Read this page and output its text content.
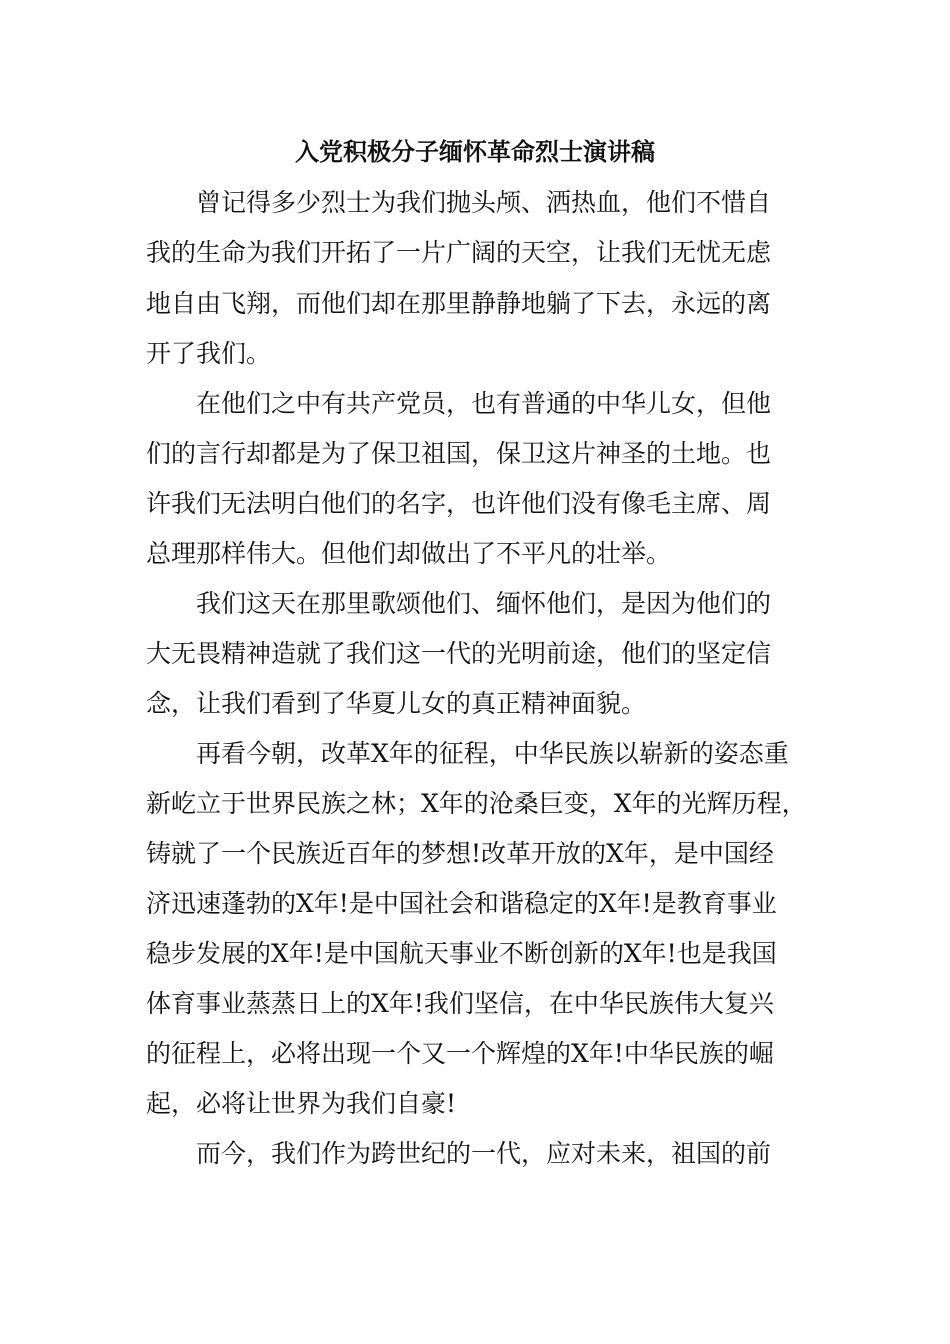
入党积极分子缅怀革命烈士演讲稿

曾记得多少烈士为我们抛头颅、洒热血，他们不惜自

我的生命为我们开拓了一片广阔的天空，让我们无忧无虑

地自由飞翔，而他们却在那里静静地躺了下去，永远的离

开了我们。

在他们之中有共产党员，也有普通的中华儿女，但他

们的言行却都是为了保卫祖国，保卫这片神圣的土地。也

许我们无法明白他们的名字，也许他们没有像毛主席、周

总理那样伟大。但他们却做出了不平凡的壮举。

我们这天在那里歌颂他们、缅怀他们，是因为他们的

大无畏精神造就了我们这一代的光明前途，他们的坚定信

念，让我们看到了华夏儿女的真正精神面貌。

再看今朝，改革X年的征程，中华民族以崭新的姿态重

新屹立于世界民族之林；X年的沧桑巨变，X年的光辉历程，

铸就了一个民族近百年的梦想!改革开放的X年，是中国经

济迅速蓬勃的X年!是中国社会和谐稳定的X年!是教育事业

稳步发展的X年!是中国航天事业不断创新的X年!也是我国

体育事业蒸蒸日上的X年!我们坚信，在中华民族伟大复兴

的征程上，必将出现一个又一个辉煌的X年!中华民族的崛

起，必将让世界为我们自豪!

而今，我们作为跨世纪的一代，应对未来，祖国的前
